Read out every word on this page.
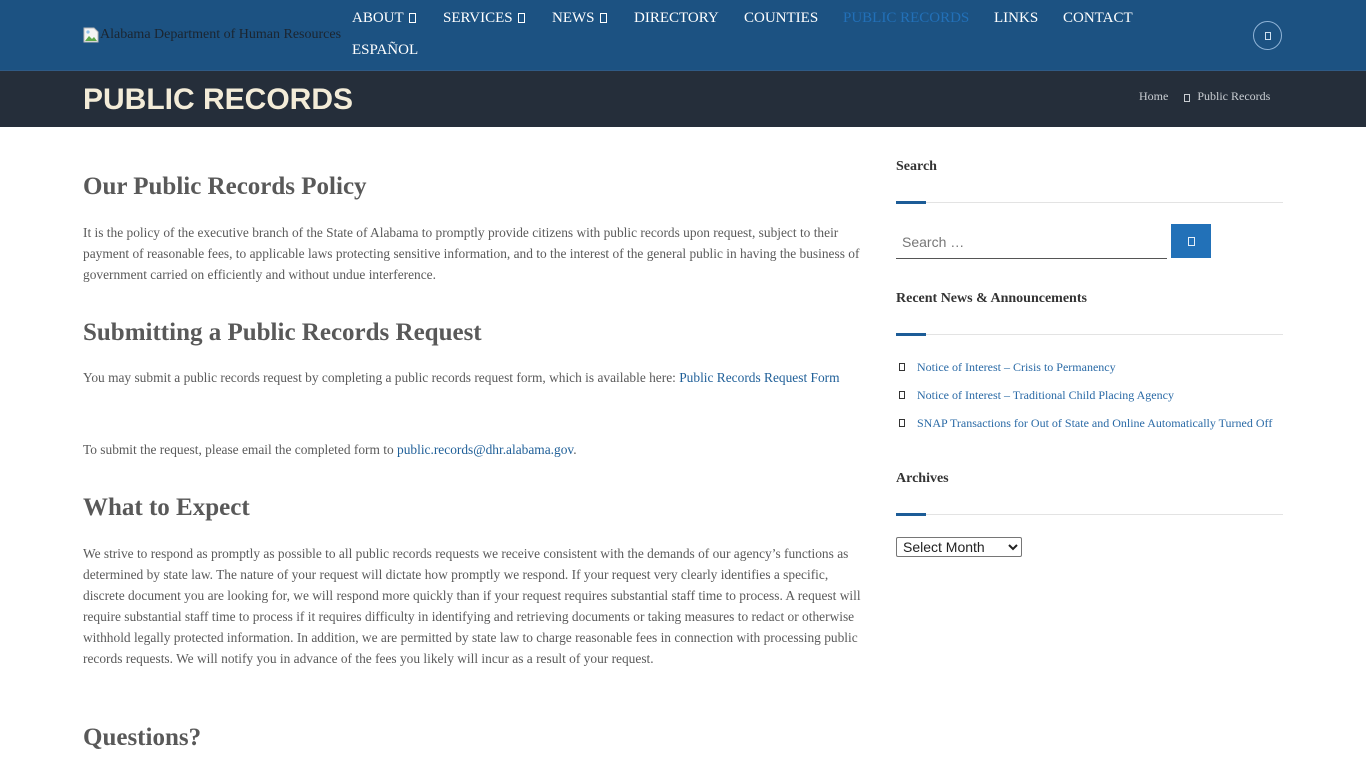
Alabama Department of Human Resources
ABOUT	SERVICES	NEWS	DIRECTORY COUNTIES PUBLIC RECORDS LINKS CONTACT
ESPAÑOL
PUBLIC RECORDS	Home Public Records
Our Public Records Policy

It is the policy of the executive branch of the State of Alabama to promptly provide citizens with public records upon request, subject to their payment of reasonable fees, to applicable laws protecting sensitive information, and to the interest of the general public in having the business of government carried on efficiently and without undue interference.

Submitting a Public Records Request

You may submit a public records request by completing a public records request form, which is available here: Public Records Request Form

To submit the request, please email the completed form to public.records@dhr.alabama.gov.

What to Expect

We strive to respond as promptly as possible to all public records requests we receive consistent with the demands of our agency’s functions as determined by state law. The nature of your request will dictate how promptly we respond. If your request very clearly identifies a specific, discrete document you are looking for, we will respond more quickly than if your request requires substantial staff time to process. A request will require substantial staff time to process if it requires difficulty in identifying and retrieving documents or taking measures to redact or otherwise withhold legally protected information. In addition, we are permitted by state law to charge reasonable fees in connection with processing public records requests. We will notify you in advance of the fees you likely will incur as a result of your request.

Questions?
Search
Search …
Recent News & Announcements
Notice of Interest – Crisis to Permanency
Notice of Interest – Traditional Child Placing Agency
SNAP Transactions for Out of State and Online Automatically Turned Off
Archives
Select Month
